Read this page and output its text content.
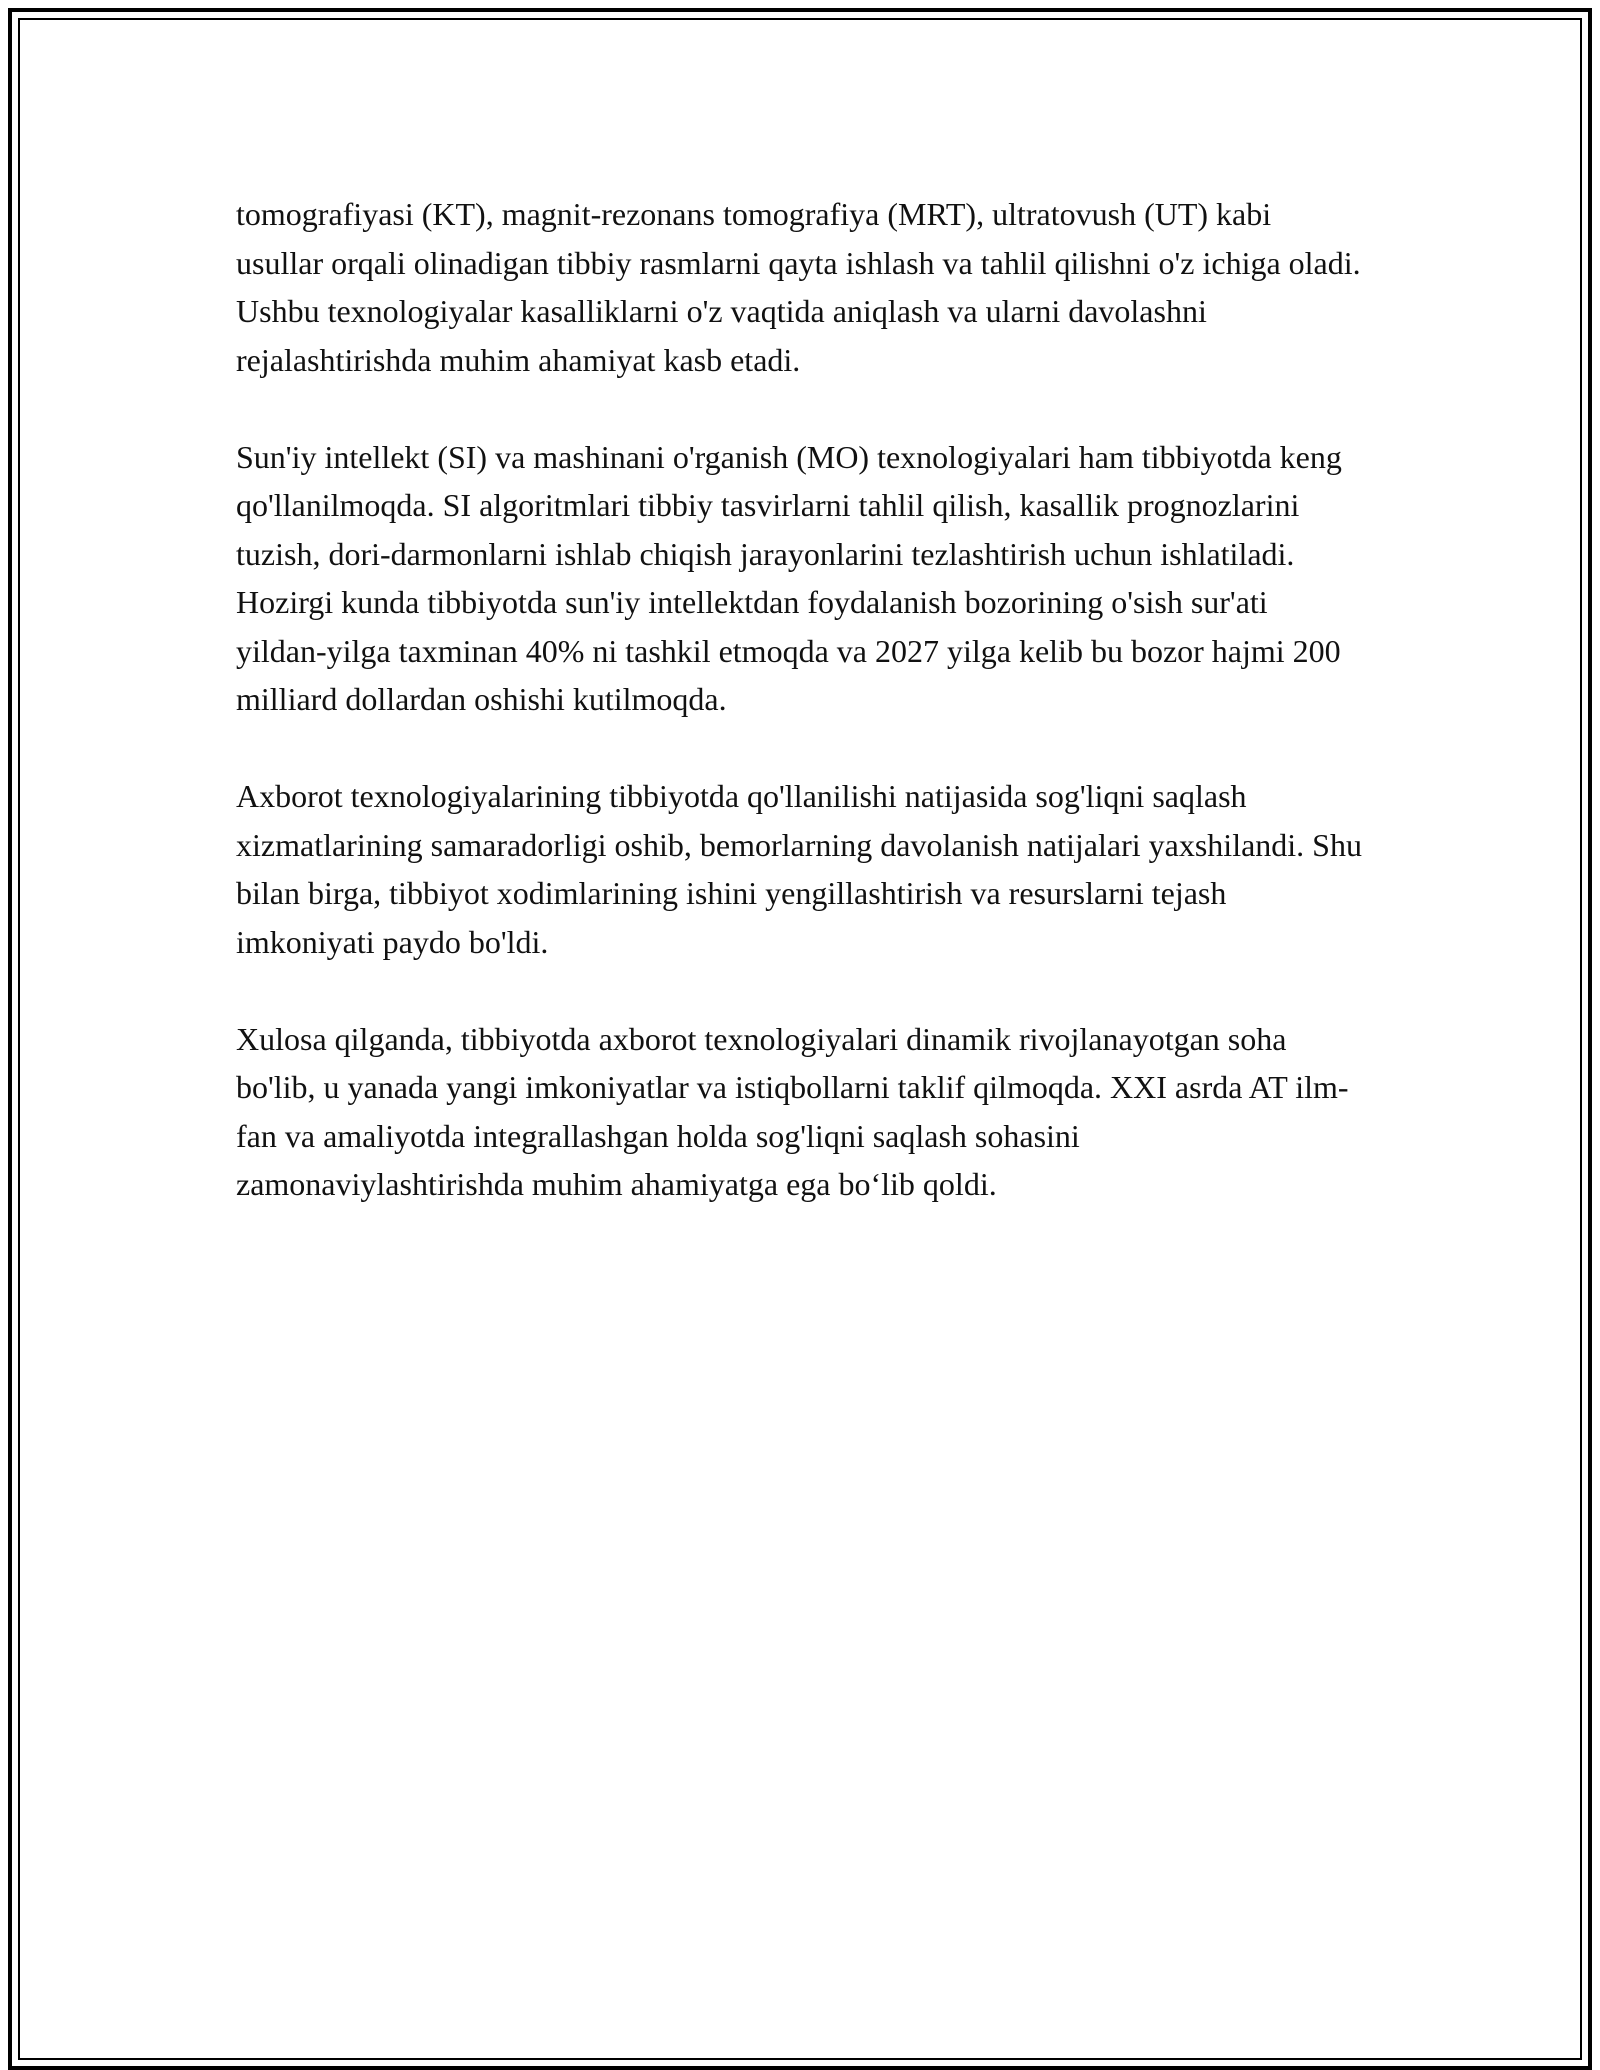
tomografiyasi (KT), magnit-rezonans tomografiya (MRT), ultratovush (UT) kabi usullar orqali olinadigan tibbiy rasmlarni qayta ishlash va tahlil qilishni o'z ichiga oladi. Ushbu texnologiyalar kasalliklarni o'z vaqtida aniqlash va ularni davolashni rejalashtirishda muhim ahamiyat kasb etadi.

Sun'iy intellekt (SI) va mashinani o'rganish (MO) texnologiyalari ham tibbiyotda keng qo'llanilmoqda. SI algoritmlari tibbiy tasvirlarni tahlil qilish, kasallik prognozlarini tuzish, dori-darmonlarni ishlab chiqish jarayonlarini tezlashtirish uchun ishlatiladi. Hozirgi kunda tibbiyotda sun'iy intellektdan foydalanish bozorining o'sish sur'ati yildan-yilga taxminan 40% ni tashkil etmoqda va 2027 yilga kelib bu bozor hajmi 200 milliard dollardan oshishi kutilmoqda.

Axborot texnologiyalarining tibbiyotda qo'llanilishi natijasida sog'liqni saqlash xizmatlarining samaradorligi oshib, bemorlarning davolanish natijalari yaxshilandi. Shu bilan birga, tibbiyot xodimlarining ishini yengillashtirish va resurslarni tejash imkoniyati paydo bo'ldi.

Xulosa qilganda, tibbiyotda axborot texnologiyalari dinamik rivojlanayotgan soha bo'lib, u yanada yangi imkoniyatlar va istiqbollarni taklif qilmoqda. XXI asrda AT ilm-fan va amaliyotda integrallashgan holda sog'liqni saqlash sohasini zamonaviylashtirishda muhim ahamiyatga ega bo‘lib qoldi.
